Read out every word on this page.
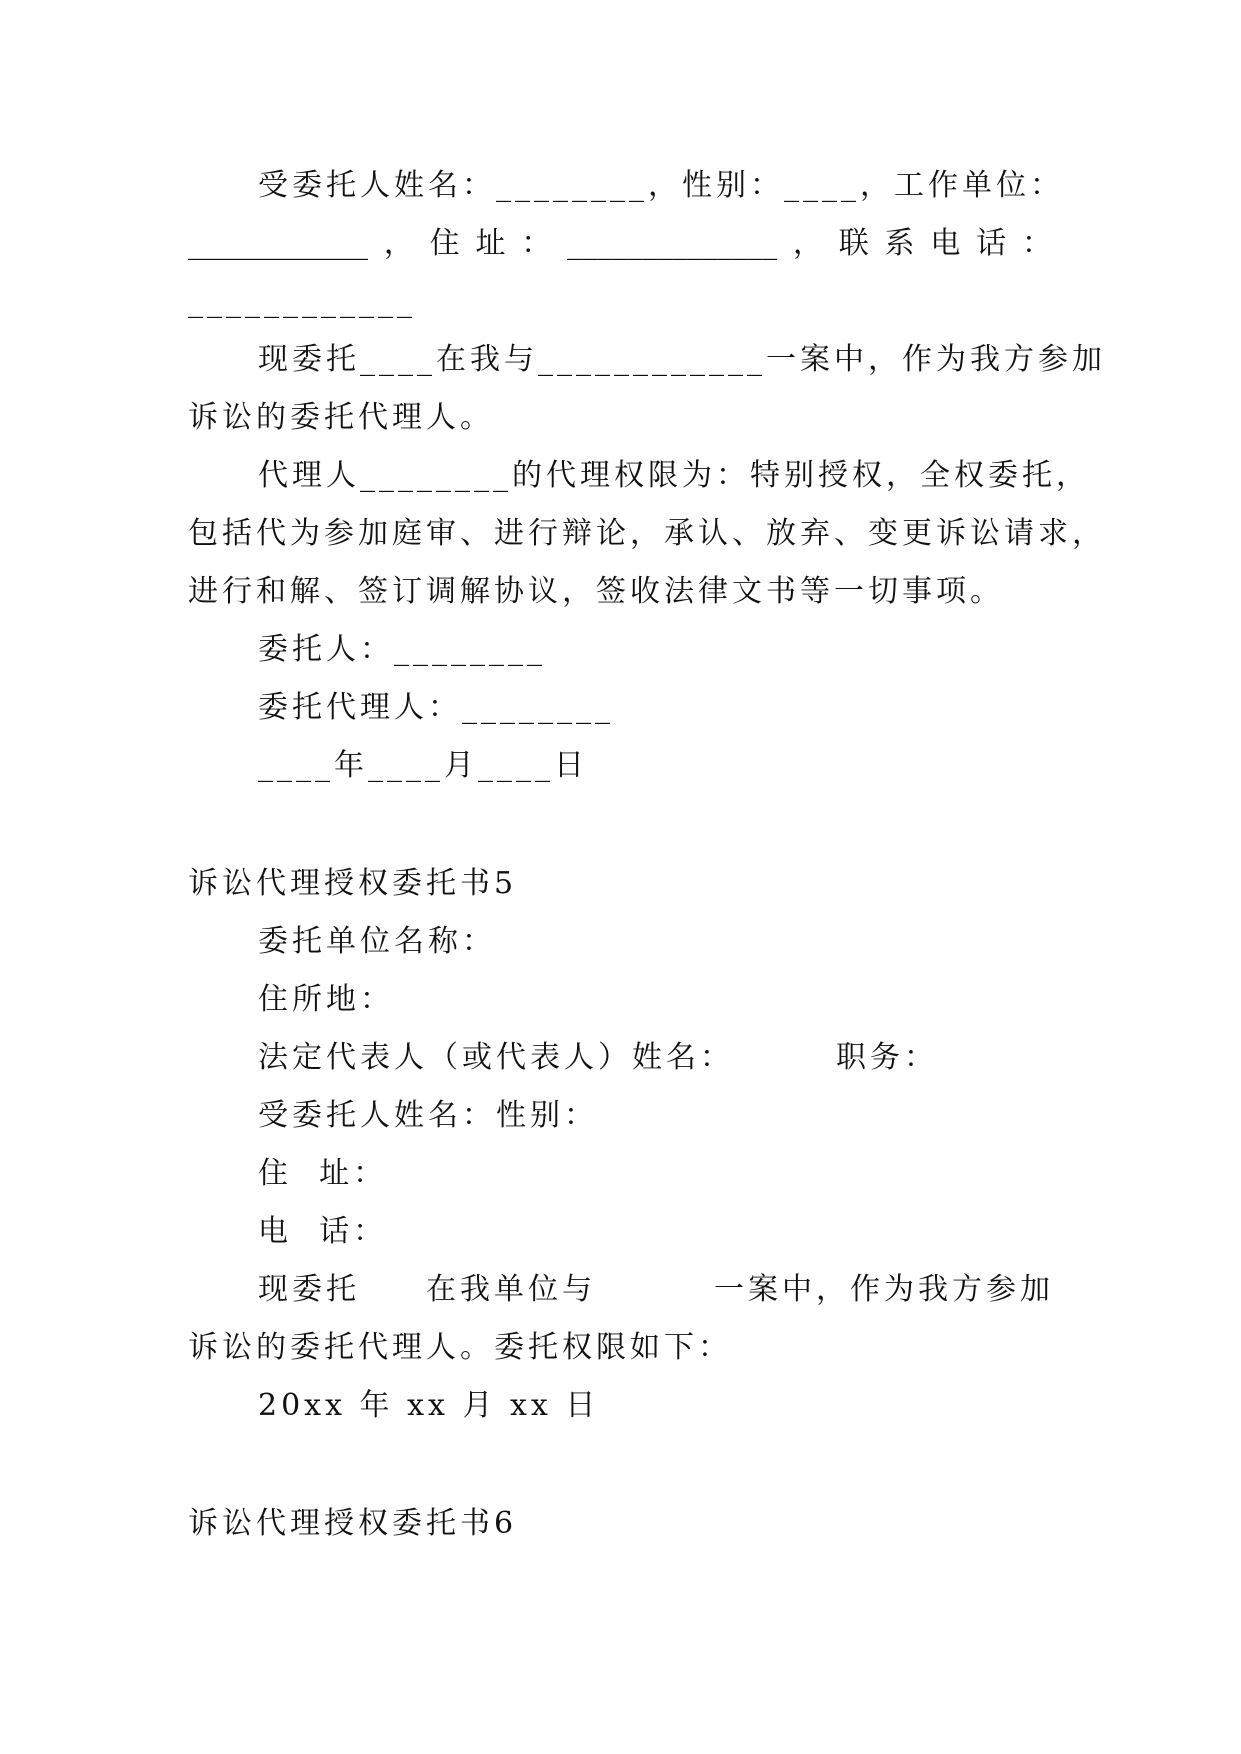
受委托人姓名：________，性别：____，工作单位：
____________ ， 住 址 ： ______________ ， 联 系 电 话 ：
____________
现委托____在我与____________一案中，作为我方参加
诉讼的委托代理人。
代理人________的代理权限为：特别授权，全权委托，
包括代为参加庭审、进行辩论，承认、放弃、变更诉讼请求，
进行和解、签订调解协议，签收法律文书等一切事项。
委托人：________
委托代理人：________
____年____月____日
诉讼代理授权委托书5
委托单位名称：
住所地：
法定代表人（或代表人）姓名：	职务：
受委托人姓名：性别：
住  址：
电  话：
现委托 在我单位与	一案中，作为我方参加
诉讼的委托代理人。委托权限如下：
20xx 年 xx 月 xx 日
诉讼代理授权委托书6
